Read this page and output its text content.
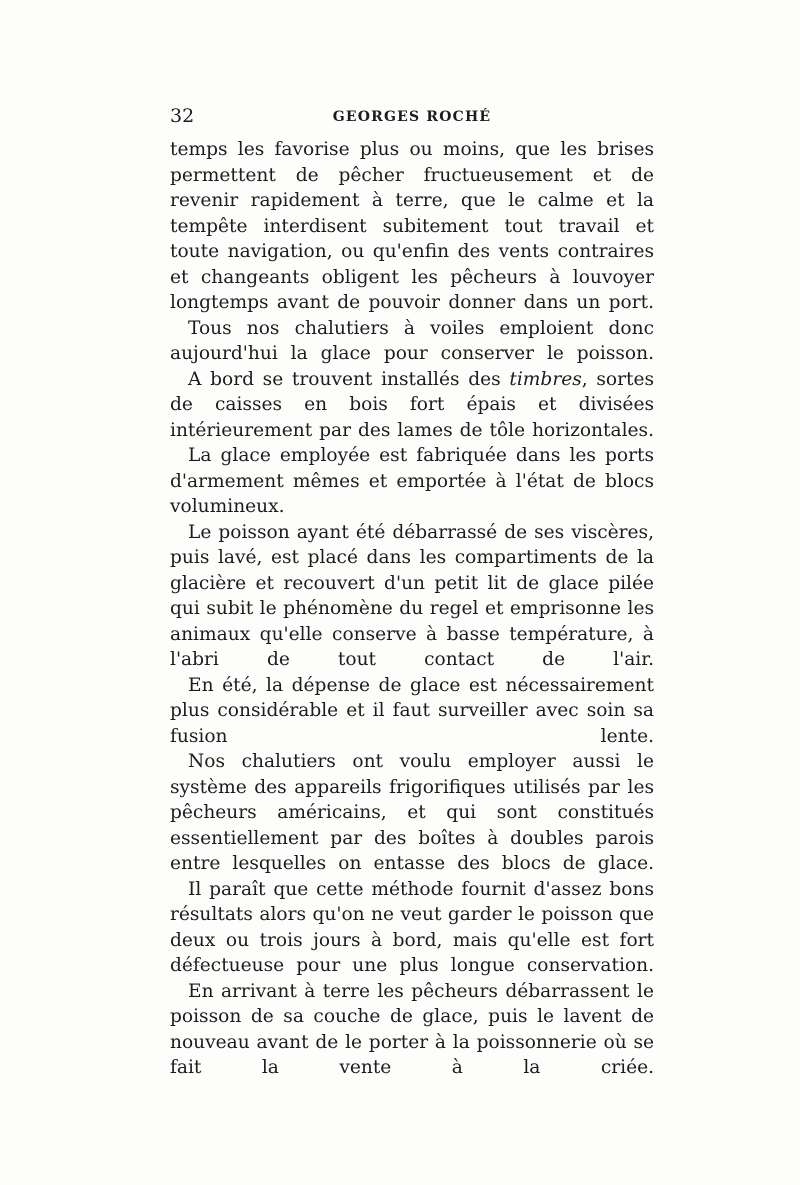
32	GEORGES ROCHÉ

temps les favorise plus ou moins, que les brises permettent de pêcher fructueusement et de revenir rapidement à terre, que le calme et la tempête interdisent subitement tout travail et toute navigation, ou qu'enfin des vents contraires et changeants obligent les pêcheurs à louvoyer longtemps avant de pouvoir donner dans un port.

Tous nos chalutiers à voiles emploient donc aujourd'hui la glace pour conserver le poisson.

A bord se trouvent installés des timbres, sortes de caisses en bois fort épais et divisées intérieurement par des lames de tôle horizontales.

La glace employée est fabriquée dans les ports d'armement mêmes et emportée à l'état de blocs volumineux.

Le poisson ayant été débarrassé de ses viscères, puis lavé, est placé dans les compartiments de la glacière et recouvert d'un petit lit de glace pilée qui subit le phénomène du regel et emprisonne les animaux qu'elle conserve à basse température, à l'abri de tout contact de l'air.

En été, la dépense de glace est nécessairement plus considérable et il faut surveiller avec soin sa fusion lente.

Nos chalutiers ont voulu employer aussi le système des appareils frigorifiques utilisés par les pêcheurs américains, et qui sont constitués essentiellement par des boîtes à doubles parois entre lesquelles on entasse des blocs de glace.

Il paraît que cette méthode fournit d'assez bons résultats alors qu'on ne veut garder le poisson que deux ou trois jours à bord, mais qu'elle est fort défectueuse pour une plus longue conservation.

En arrivant à terre les pêcheurs débarrassent le poisson de sa couche de glace, puis le lavent de nouveau avant de le porter à la poissonnerie où se fait la vente à la criée.
